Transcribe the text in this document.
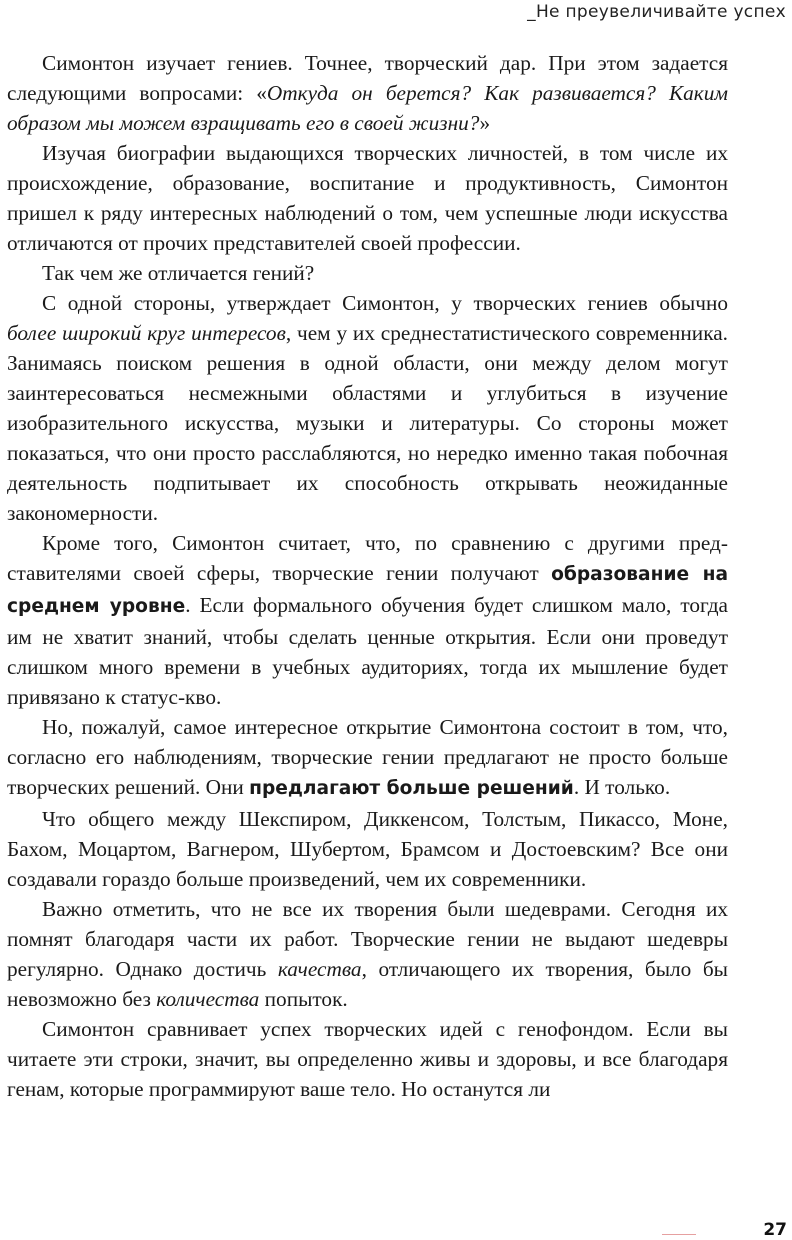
_Не преувеличивайте успех

Симонтон изучает гениев. Точнее, творческий дар. При этом задается следующими вопросами: «Откуда он берется? Как развивается? Каким образом мы можем взращивать его в своей жизни?»

Изучая биографии выдающихся творческих личностей, в том числе их происхождение, образование, воспитание и продуктивность, Симонтон пришел к ряду интересных наблюдений о том, чем успешные люди искусства отличаются от прочих представителей своей профессии.

Так чем же отличается гений?

С одной стороны, утверждает Симонтон, у творческих гениев обычно более широкий круг интересов, чем у их среднестатистического современника. Занимаясь поиском решения в одной области, они между делом могут заинтересоваться несмежными областями и углубиться в изучение изобразительного искусства, музыки и литературы. Со стороны может показаться, что они просто расслабляются, но нередко именно такая побочная деятельность подпитывает их способность открывать неожиданные закономерности.

Кроме того, Симонтон считает, что, по сравнению с другими представителями своей сферы, творческие гении получают образование на среднем уровне. Если формального обучения будет слишком мало, тогда им не хватит знаний, чтобы сделать ценные открытия. Если они проведут слишком много времени в учебных аудиториях, тогда их мышление будет привязано к статус-кво.

Но, пожалуй, самое интересное открытие Симонтона состоит в том, что, согласно его наблюдениям, творческие гении предлагают не просто больше творческих решений. Они предлагают больше решений. И только.

Что общего между Шекспиром, Диккенсом, Толстым, Пикассо, Моне, Бахом, Моцартом, Вагнером, Шубертом, Брамсом и Достоевским? Все они создавали гораздо больше произведений, чем их современники.

Важно отметить, что не все их творения были шедеврами. Сегодня их помнят благодаря части их работ. Творческие гении не выдают шедевры регулярно. Однако достичь качества, отличающего их творения, было бы невозможно без количества попыток.

Симонтон сравнивает успех творческих идей с генофондом. Если вы читаете эти строки, значит, вы определенно живы и здоровы, и все благодаря генам, которые программируют ваше тело. Но останутся ли

27
